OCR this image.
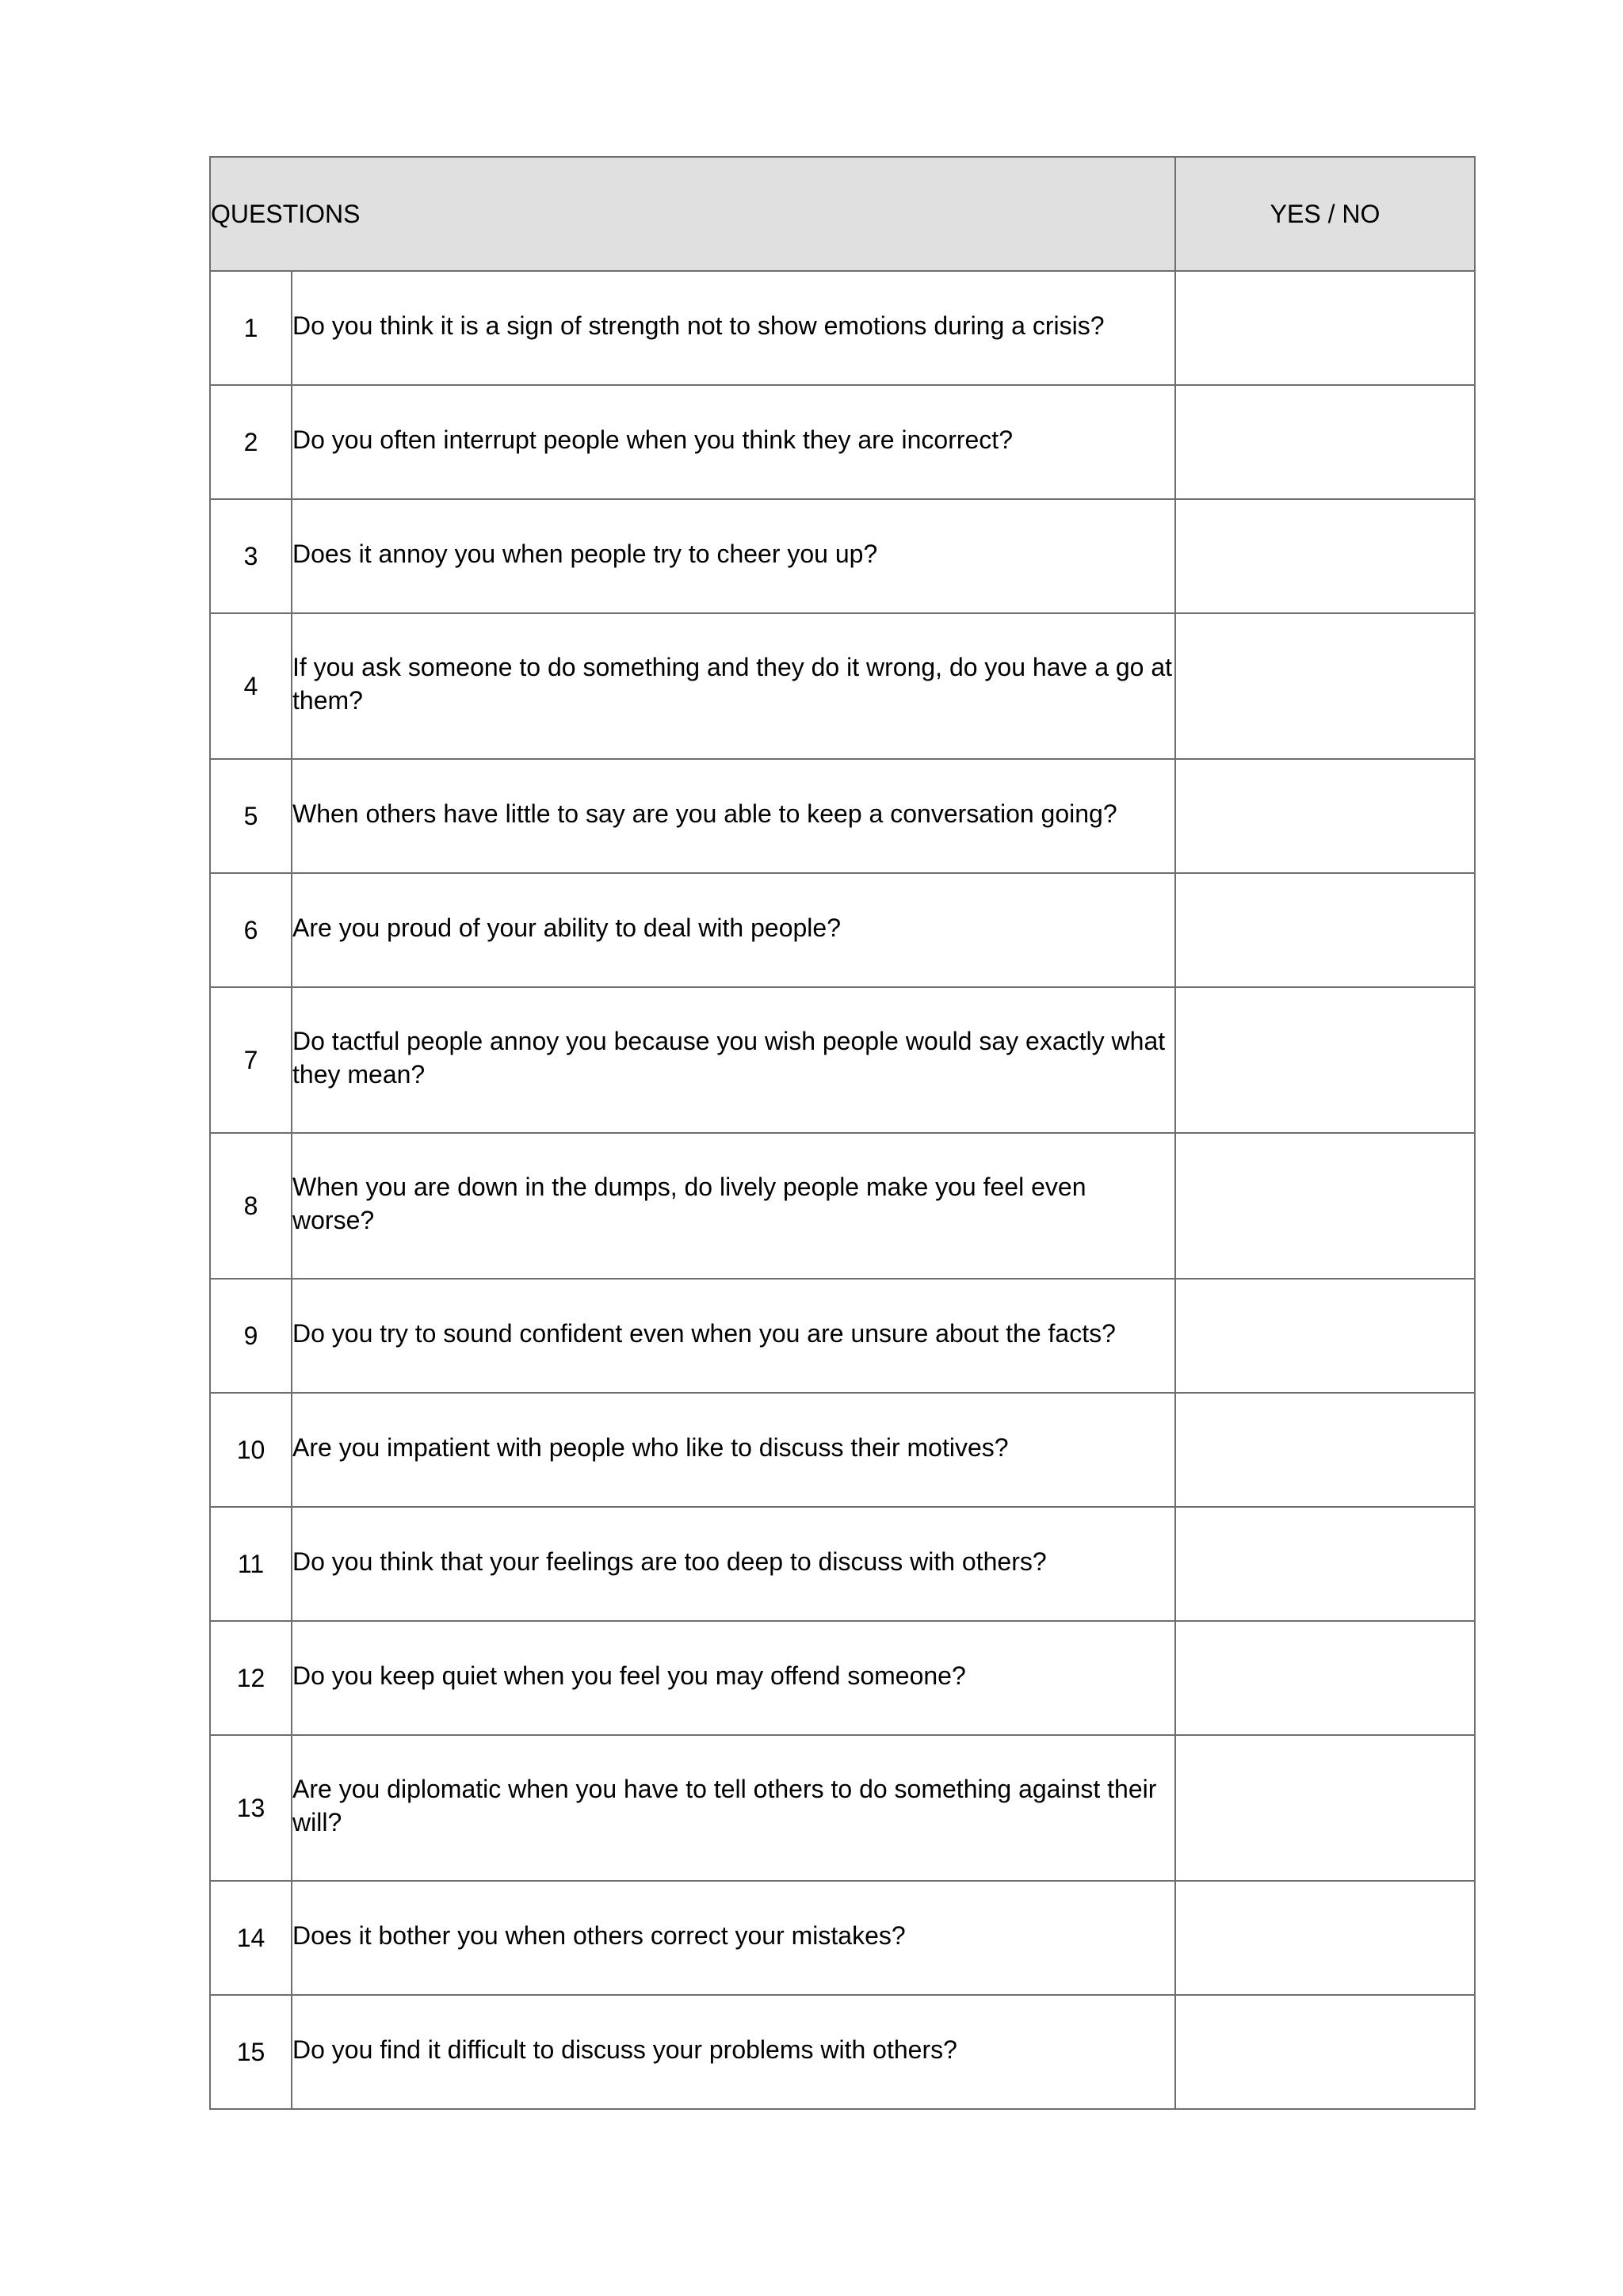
QUESTIONS		YES / NO
1	Do you think it is a sign of strength not to show emotions during a crisis?	

2	Do you often interrupt people when you think they are incorrect?	

3	Does it annoy you when people try to cheer you up?	

4	If you ask someone to do something and they do it wrong, do you have a go at them?	

5	When others have little to say are you able to keep a conversation going?	

6	Are you proud of your ability to deal with people?	

7	Do tactful people annoy you because you wish people would say exactly what they mean?	

8	When you are down in the dumps, do lively people make you feel even worse?	

9	Do you try to sound confident even when you are unsure about the facts?	

10	Are you impatient with people who like to discuss their motives?	

11	Do you think that your feelings are too deep to discuss with others?	

12	Do you keep quiet when you feel you may offend someone?	

13	Are you diplomatic when you have to tell others to do something against their will?	

14	Does it bother you when others correct your mistakes?	

15	Do you find it difficult to discuss your problems with others?	
